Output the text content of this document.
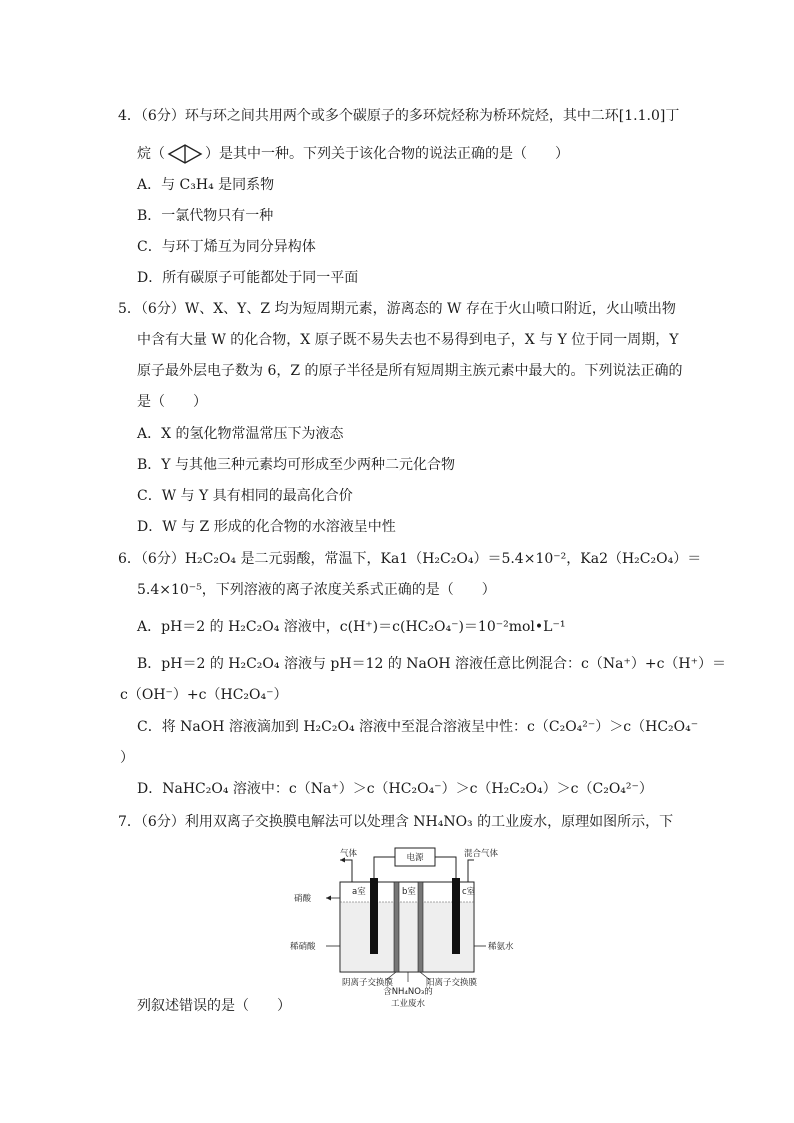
4．（6分）环与环之间共用两个或多个碳原子的多环烷烃称为桥环烷烃，其中二环[1.1.0]丁
烷（	）是其中一种。下列关于该化合物的说法正确的是（　　）
A．与 C₃H₄ 是同系物
B．一氯代物只有一种
C．与环丁烯互为同分异构体
D．所有碳原子可能都处于同一平面
5．（6分）W、X、Y、Z 均为短周期元素，游离态的 W 存在于火山喷口附近，火山喷出物
中含有大量 W 的化合物，X 原子既不易失去也不易得到电子，X 与 Y 位于同一周期，Y
原子最外层电子数为 6，Z 的原子半径是所有短周期主族元素中最大的。下列说法正确的
是（　　）
A．X 的氢化物常温常压下为液态
B．Y 与其他三种元素均可形成至少两种二元化合物
C．W 与 Y 具有相同的最高化合价
D．W 与 Z 形成的化合物的水溶液呈中性
6．（6分）H₂C₂O₄ 是二元弱酸，常温下，Ka1（H₂C₂O₄）＝5.4×10⁻²，Ka2（H₂C₂O₄）＝
5.4×10⁻⁵，下列溶液的离子浓度关系式正确的是（　　）
A．pH＝2 的 H₂C₂O₄ 溶液中，c(H⁺)＝c(HC₂O₄⁻)＝10⁻²mol•L⁻¹
B．pH＝2 的 H₂C₂O₄ 溶液与 pH＝12 的 NaOH 溶液任意比例混合：c（Na⁺）+c（H⁺）＝
c（OH⁻）+c（HC₂O₄⁻）
C．将 NaOH 溶液滴加到 H₂C₂O₄ 溶液中至混合溶液呈中性：c（C₂O₄²⁻）＞c（HC₂O₄⁻
）
D．NaHC₂O₄ 溶液中：c（Na⁺）＞c（HC₂O₄⁻）＞c（H₂C₂O₄）＞c（C₂O₄²⁻）
7．（6分）利用双离子交换膜电解法可以处理含 NH₄NO₃ 的工业废水，原理如图所示，下
电源
气体	混合气体
a室	b室	c室
硝酸
稀硝酸	稀氨水
阴离子交换膜	阳离子交换膜
含NH₄NO₃的
工业废水
列叙述错误的是（　　）
